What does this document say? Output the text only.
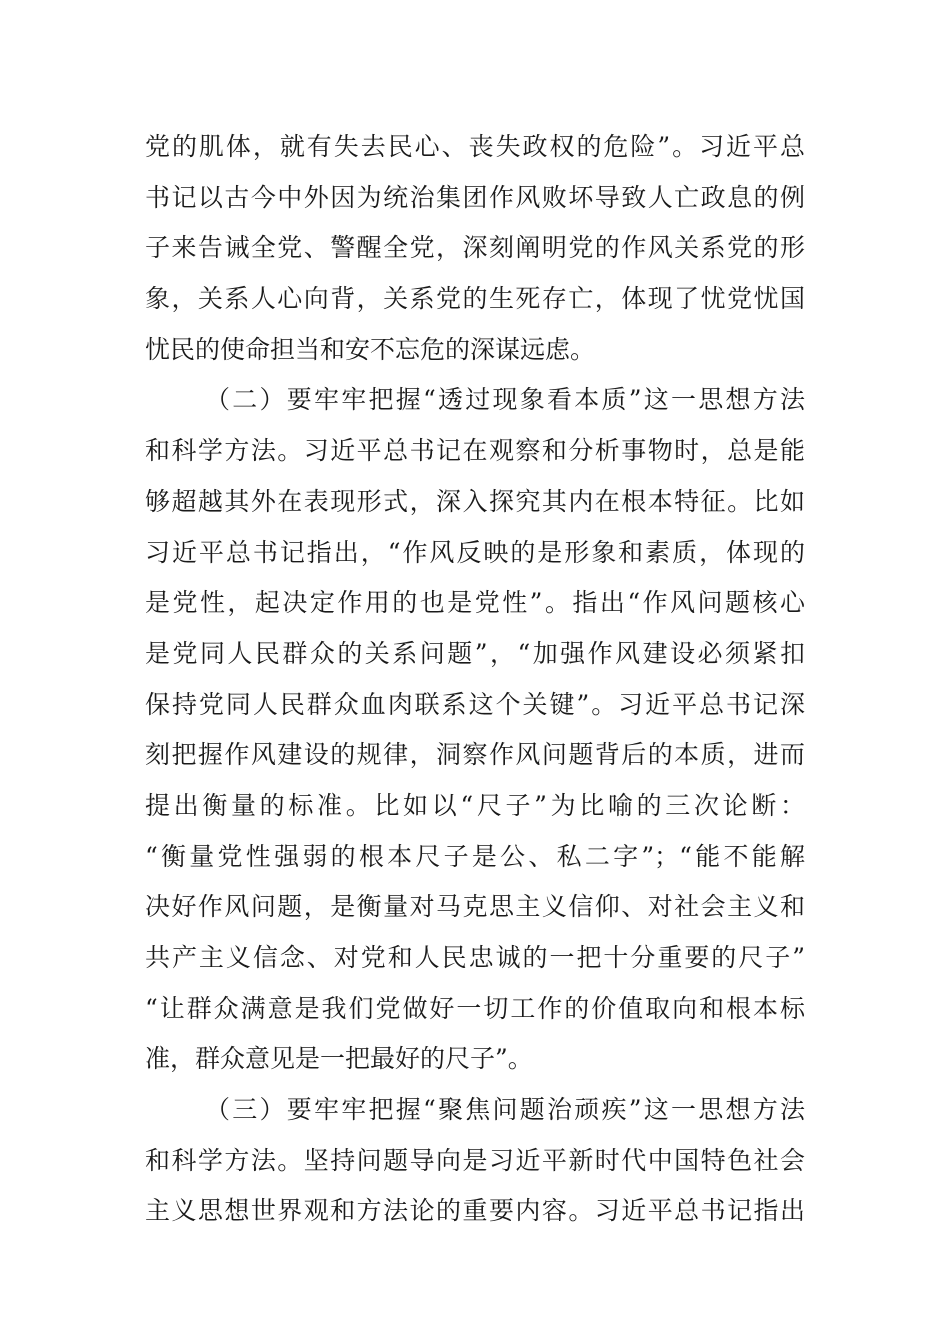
党的肌体，就有失去民心、丧失政权的危险”。习近平总
书记以古今中外因为统治集团作风败坏导致人亡政息的例
子来告诫全党、警醒全党，深刻阐明党的作风关系党的形
象，关系人心向背，关系党的生死存亡，体现了忧党忧国
忧民的使命担当和安不忘危的深谋远虑。
（二）要牢牢把握“透过现象看本质”这一思想方法
和科学方法。习近平总书记在观察和分析事物时，总是能
够超越其外在表现形式，深入探究其内在根本特征。比如
习近平总书记指出，“作风反映的是形象和素质，体现的
是党性，起决定作用的也是党性”。指出“作风问题核心
是党同人民群众的关系问题”，“加强作风建设必须紧扣
保持党同人民群众血肉联系这个关键”。习近平总书记深
刻把握作风建设的规律，洞察作风问题背后的本质，进而
提出衡量的标准。比如以“尺子”为比喻的三次论断：
“衡量党性强弱的根本尺子是公、私二字”；“能不能解
决好作风问题，是衡量对马克思主义信仰、对社会主义和
共产主义信念、对党和人民忠诚的一把十分重要的尺子”
“让群众满意是我们党做好一切工作的价值取向和根本标
准，群众意见是一把最好的尺子”。
（三）要牢牢把握“聚焦问题治顽疾”这一思想方法
和科学方法。坚持问题导向是习近平新时代中国特色社会
主义思想世界观和方法论的重要内容。习近平总书记指出
